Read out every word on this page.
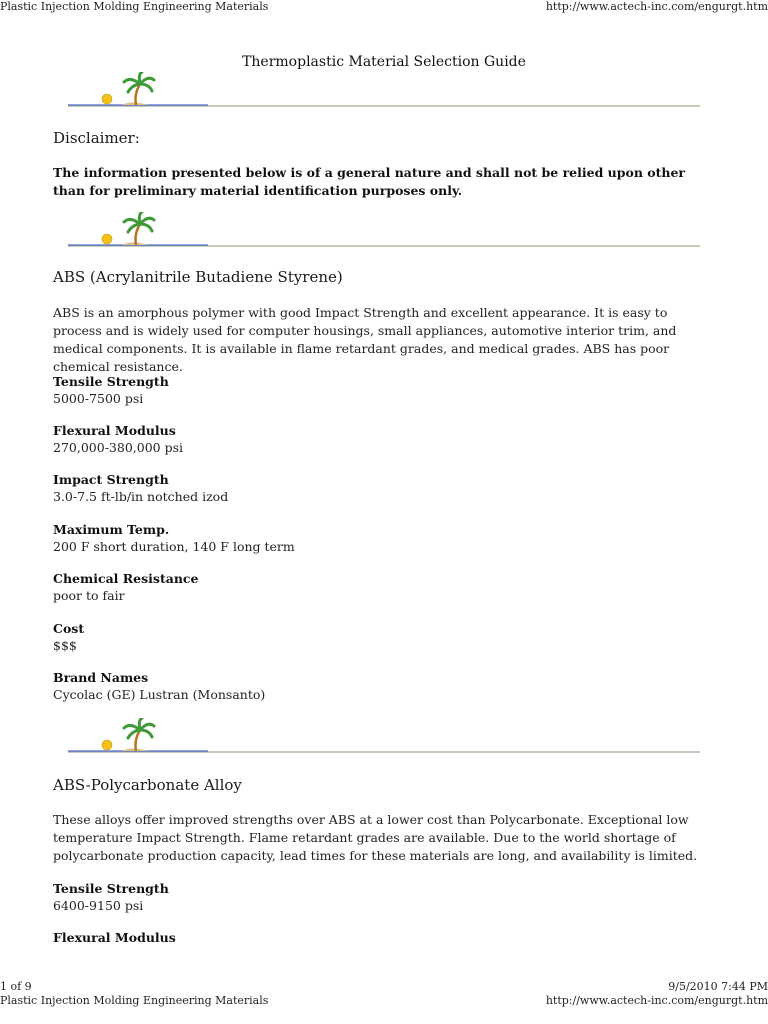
Plastic Injection Molding Engineering Materials	http://www.actech-inc.com/engurgt.htm
Thermoplastic Material Selection Guide
Disclaimer:
The information presented below is of a general nature and shall not be relied upon other than for preliminary material identification purposes only.
ABS (Acrylanitrile Butadiene Styrene)
ABS is an amorphous polymer with good Impact Strength and excellent appearance. It is easy to process and is widely used for computer housings, small appliances, automotive interior trim, and medical components. It is available in flame retardant grades, and medical grades. ABS has poor chemical resistance.
Tensile Strength
5000-7500 psi
Flexural Modulus
270,000-380,000 psi
Impact Strength
3.0-7.5 ft-lb/in notched izod
Maximum Temp.
200 F short duration, 140 F long term
Chemical Resistance
poor to fair
Cost
$$$
Brand Names
Cycolac (GE) Lustran (Monsanto)
ABS-Polycarbonate Alloy
These alloys offer improved strengths over ABS at a lower cost than Polycarbonate. Exceptional low temperature Impact Strength. Flame retardant grades are available. Due to the world shortage of polycarbonate production capacity, lead times for these materials are long, and availability is limited.
Tensile Strength
6400-9150 psi
Flexural Modulus
1 of 9	9/5/2010 7:44 PM
Plastic Injection Molding Engineering Materials	http://www.actech-inc.com/engurgt.htm
